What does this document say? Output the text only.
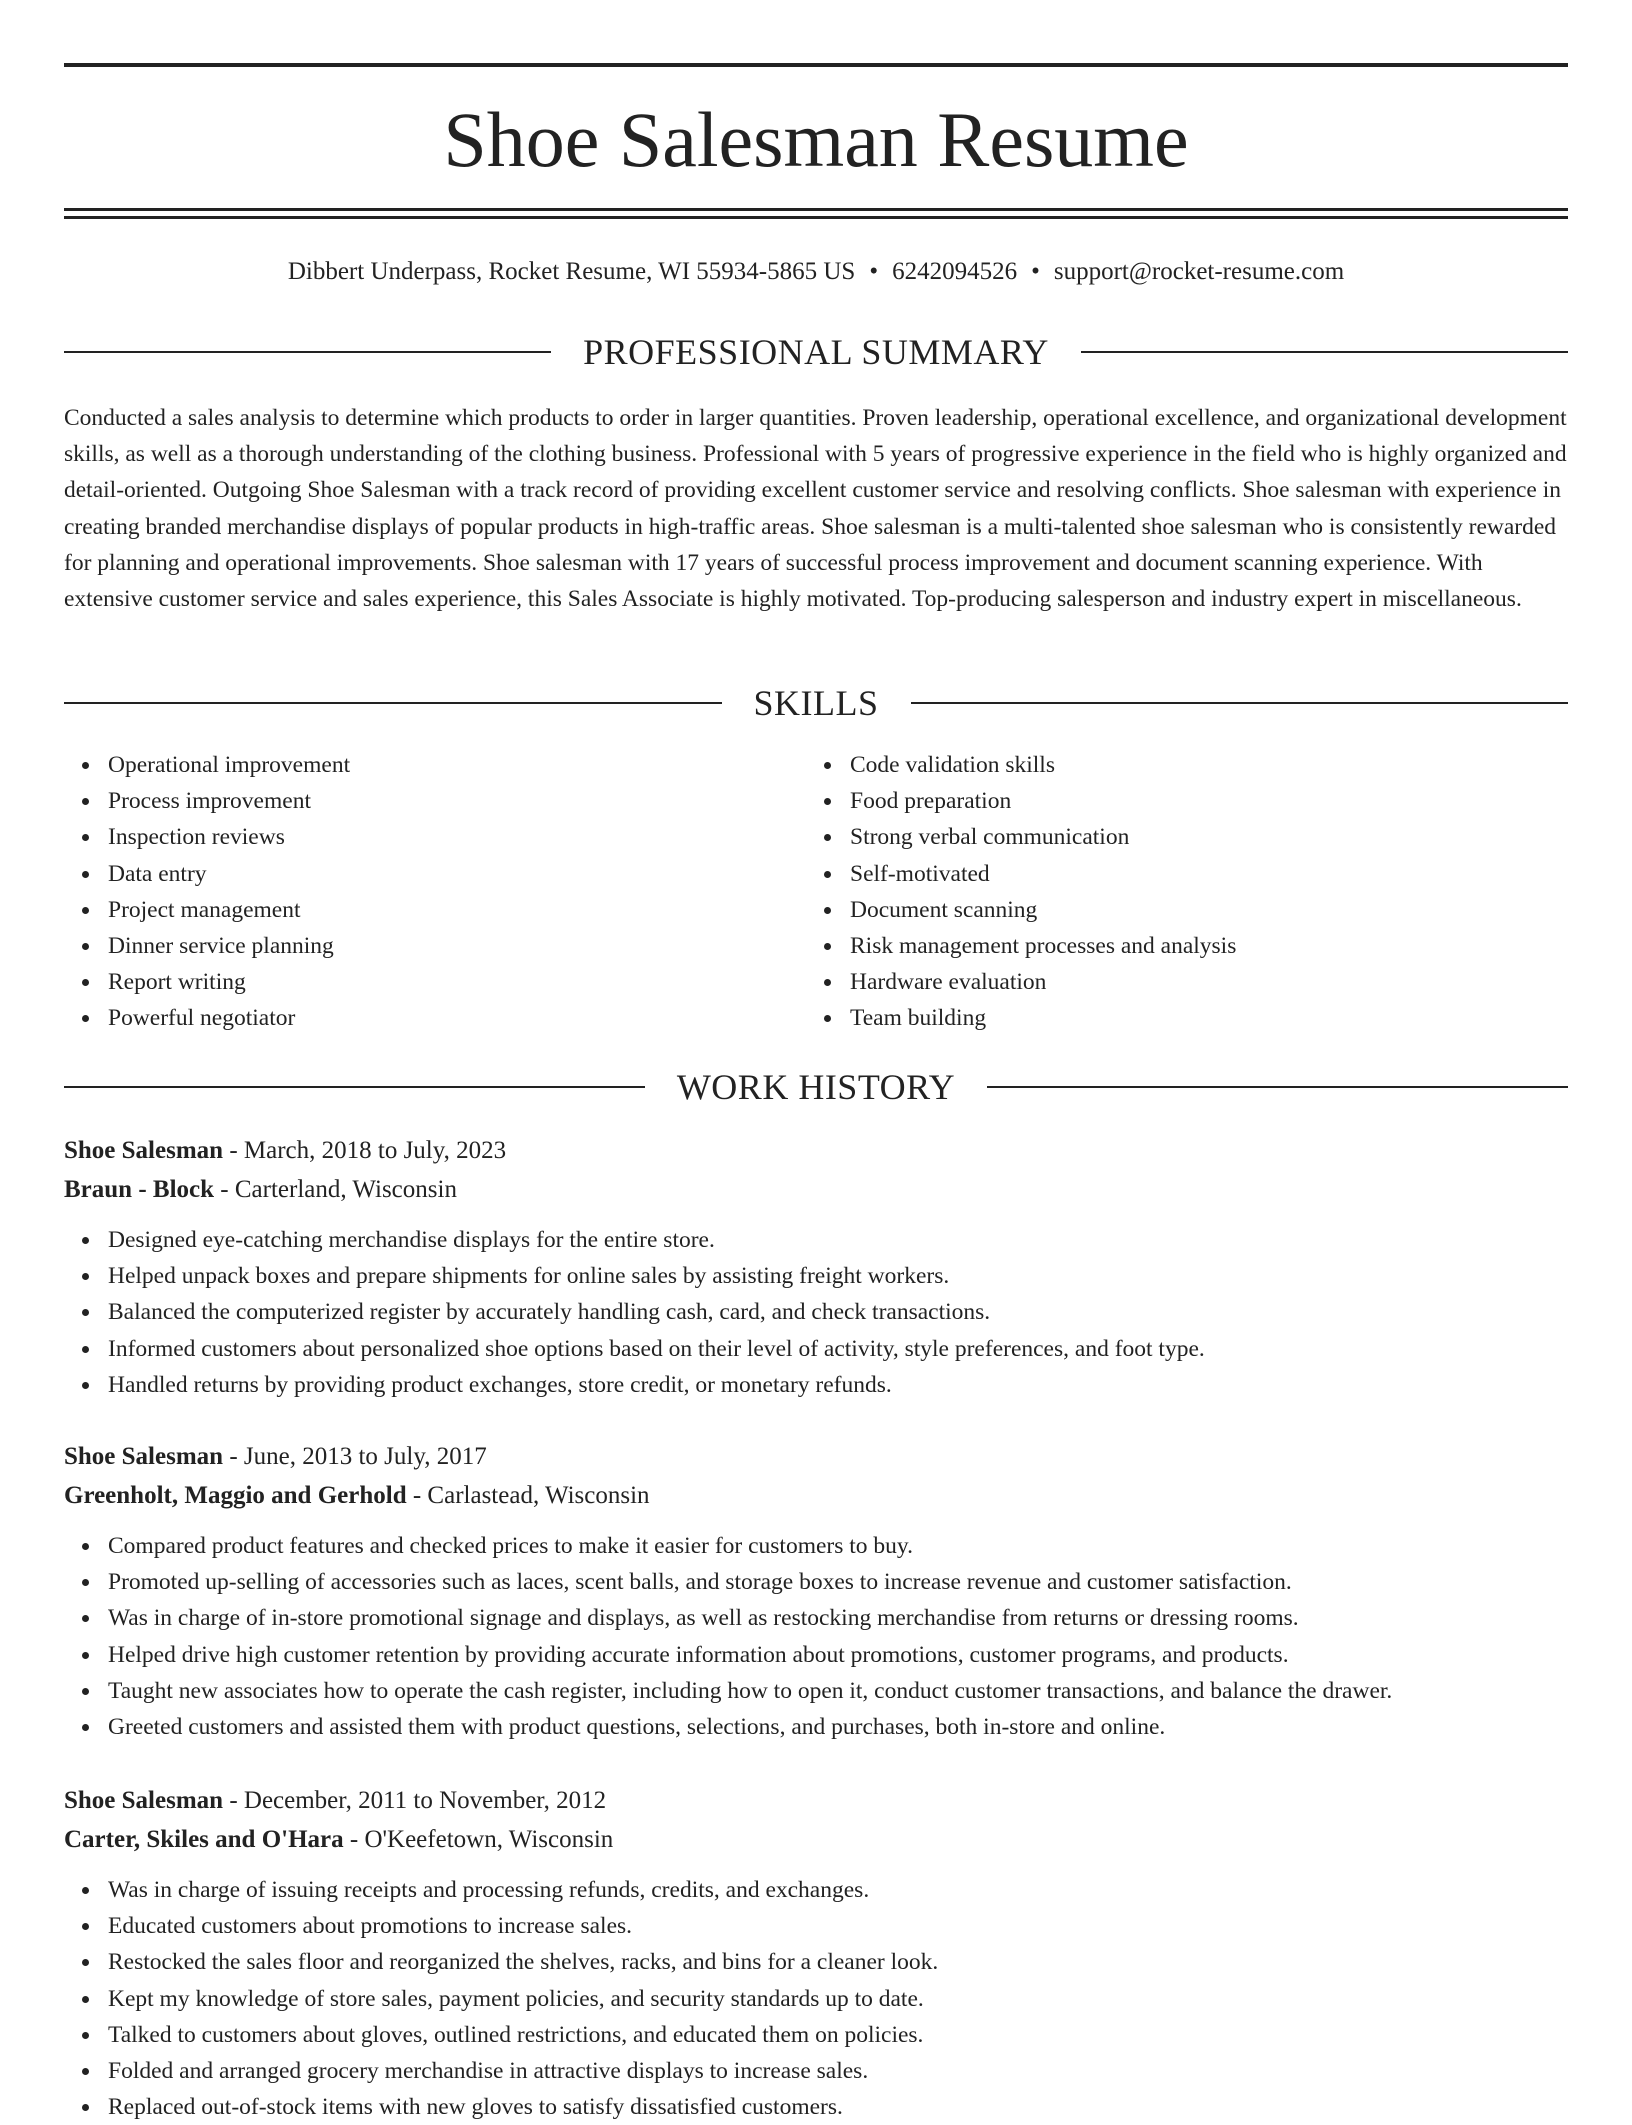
Shoe Salesman Resume
Dibbert Underpass, Rocket Resume, WI 55934-5865 US • 6242094526 • support@rocket-resume.com
PROFESSIONAL SUMMARY

Conducted a sales analysis to determine which products to order in larger quantities. Proven leadership, operational excellence, and organizational development skills, as well as a thorough understanding of the clothing business. Professional with 5 years of progressive experience in the field who is highly organized and detail-oriented. Outgoing Shoe Salesman with a track record of providing excellent customer service and resolving conflicts. Shoe salesman with experience in creating branded merchandise displays of popular products in high-traffic areas. Shoe salesman is a multi-talented shoe salesman who is consistently rewarded for planning and operational improvements. Shoe salesman with 17 years of successful process improvement and document scanning experience. With extensive customer service and sales experience, this Sales Associate is highly motivated. Top-producing salesperson and industry expert in miscellaneous.

SKILLS
Operational improvement
Process improvement
Inspection reviews
Data entry
Project management
Dinner service planning
Report writing
Powerful negotiator
Code validation skills
Food preparation
Strong verbal communication
Self-motivated
Document scanning
Risk management processes and analysis
Hardware evaluation
Team building
WORK HISTORY
Shoe Salesman - March, 2018 to July, 2023
Braun - Block - Carterland, Wisconsin
Designed eye-catching merchandise displays for the entire store.
Helped unpack boxes and prepare shipments for online sales by assisting freight workers.
Balanced the computerized register by accurately handling cash, card, and check transactions.
Informed customers about personalized shoe options based on their level of activity, style preferences, and foot type.
Handled returns by providing product exchanges, store credit, or monetary refunds.
Shoe Salesman - June, 2013 to July, 2017
Greenholt, Maggio and Gerhold - Carlastead, Wisconsin
Compared product features and checked prices to make it easier for customers to buy.
Promoted up-selling of accessories such as laces, scent balls, and storage boxes to increase revenue and customer satisfaction.
Was in charge of in-store promotional signage and displays, as well as restocking merchandise from returns or dressing rooms.
Helped drive high customer retention by providing accurate information about promotions, customer programs, and products.
Taught new associates how to operate the cash register, including how to open it, conduct customer transactions, and balance the drawer.
Greeted customers and assisted them with product questions, selections, and purchases, both in-store and online.
Shoe Salesman - December, 2011 to November, 2012
Carter, Skiles and O'Hara - O'Keefetown, Wisconsin
Was in charge of issuing receipts and processing refunds, credits, and exchanges.
Educated customers about promotions to increase sales.
Restocked the sales floor and reorganized the shelves, racks, and bins for a cleaner look.
Kept my knowledge of store sales, payment policies, and security standards up to date.
Talked to customers about gloves, outlined restrictions, and educated them on policies.
Folded and arranged grocery merchandise in attractive displays to increase sales.
Replaced out-of-stock items with new gloves to satisfy dissatisfied customers.
